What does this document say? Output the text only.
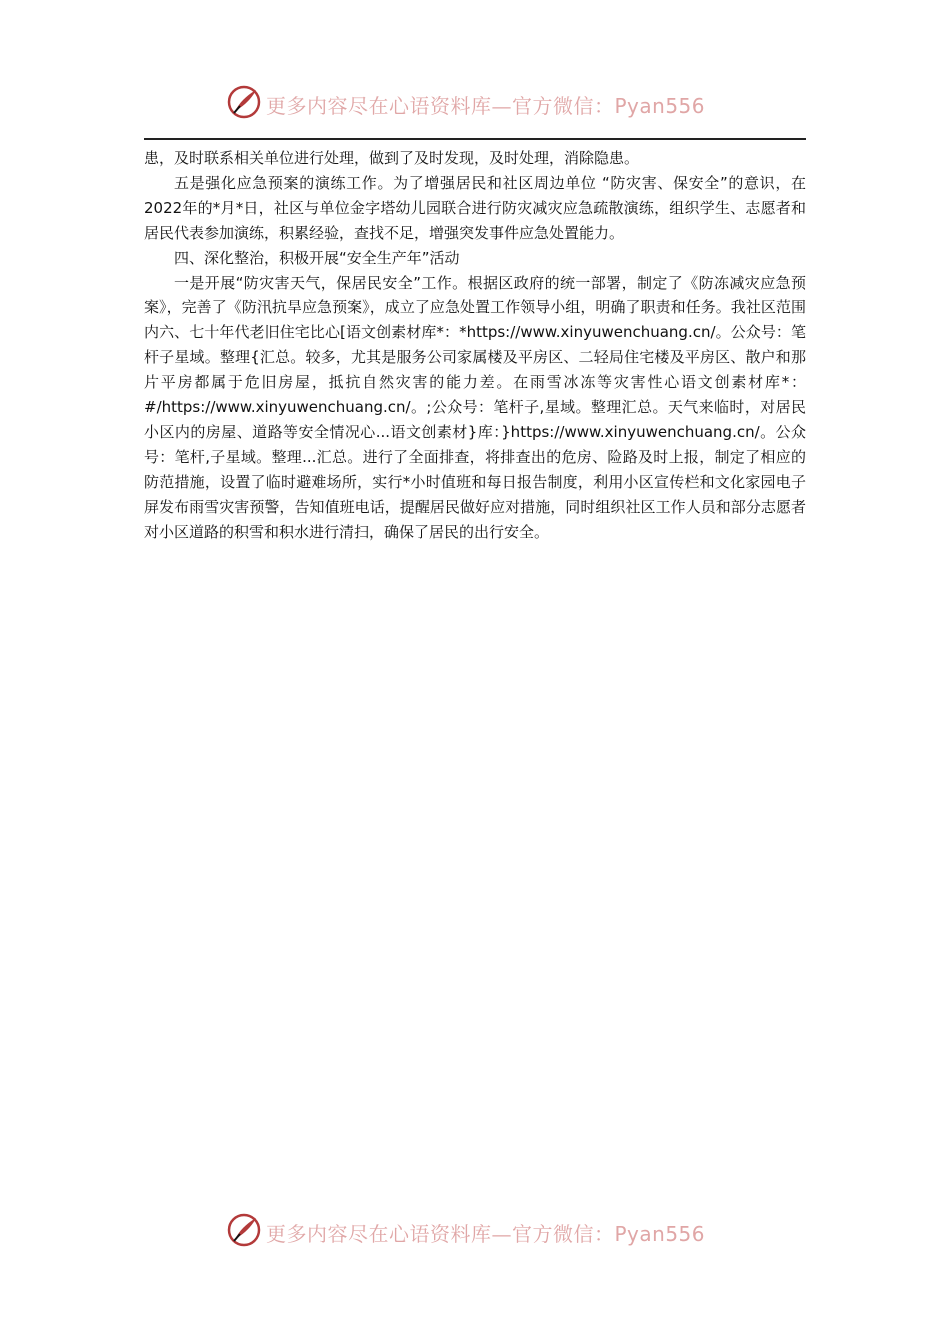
更多内容尽在心语资料库—官方微信：Pyan556

患，及时联系相关单位进行处理，做到了及时发现，及时处理，消除隐患。

五是强化应急预案的演练工作。为了增强居民和社区周边单位 “防灾害、保安全”的意识，在2022年的*月*日，社区与单位金字塔幼儿园联合进行防灾减灾应急疏散演练，组织学生、志愿者和居民代表参加演练，积累经验，查找不足，增强突发事件应急处置能力。

四、深化整治，积极开展“安全生产年”活动

一是开展“防灾害天气，保居民安全”工作。根据区政府的统一部署，制定了《防冻减灾应急预案》，完善了《防汛抗旱应急预案》，成立了应急处置工作领导小组，明确了职责和任务。我社区范围内六、七十年代老旧住宅比心[语文创素材库*：*https://www.xinyuwenchuang.cn/。公众号：笔杆子星域。整理{汇总。较多，尤其是服务公司家属楼及平房区、二轻局住宅楼及平房区、散户和那片平房都属于危旧房屋，抵抗自然灾害的能力差。在雨雪冰冻等灾害性心语文创素材库*：#/https://www.xinyuwenchuang.cn/。;公众号：笔杆子,星域。整理汇总。天气来临时，对居民小区内的房屋、道路等安全情况心...语文创素材}库：}https://www.xinyuwenchuang.cn/。公众号：笔杆,子星域。整理...汇总。进行了全面排查，将排查出的危房、险路及时上报，制定了相应的防范措施，设置了临时避难场所，实行*小时值班和每日报告制度，利用小区宣传栏和文化家园电子屏发布雨雪灾害预警，告知值班电话，提醒居民做好应对措施，同时组织社区工作人员和部分志愿者对小区道路的积雪和积水进行清扫，确保了居民的出行安全。

更多内容尽在心语资料库—官方微信：Pyan556
